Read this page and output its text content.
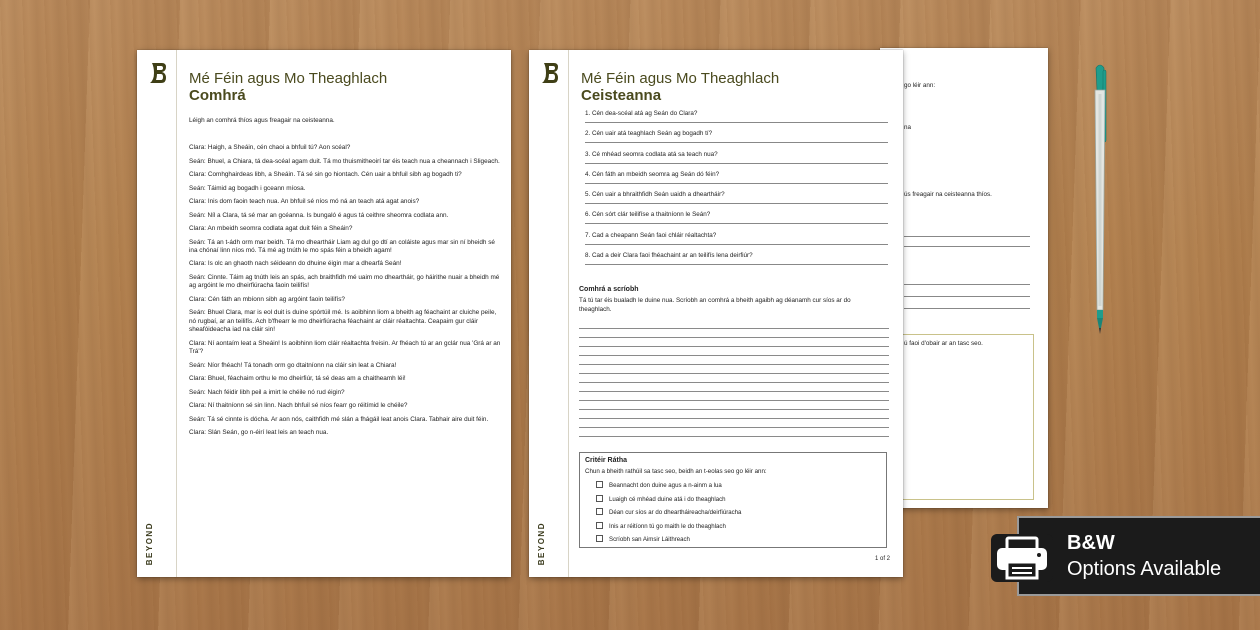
go léir ann:
na
ús freagair na ceisteanna thíos.
ú faoi d'obair ar an tasc seo.
BEYOND
Mé Féin agus Mo Theaghlach
Comhrá
Léigh an comhrá thíos agus freagair na ceisteanna.
Clara: Haigh, a Sheáin, cén chaoi a bhfuil tú? Aon scéal?
Seán: Bhuel, a Chiara, tá dea-scéal agam duit. Tá mo thuismitheoirí tar éis teach nua a cheannach i Sligeach.
Clara: Comhghairdeas libh, a Sheáin. Tá sé sin go hiontach. Cén uair a bhfuil sibh ag bogadh ti?
Seán: Táimid ag bogadh i gceann míosa.
Clara: Inis dom faoin teach nua. An bhfuil sé níos mó ná an teach atá agat anois?
Seán: Níl a Clara, tá sé mar an gcéanna. Is bungaló é agus tá ceithre sheomra codlata ann.
Clara: An mbeidh seomra codlata agat duit féin a Sheáin?
Seán: Tá an t-ádh orm mar beidh. Tá mo dheartháir Liam ag dul go dtí an coláiste agus mar sin ní bheidh sé ina chónaí linn níos mó. Tá mé ag tnúth le mo spás féin a bheidh agam!
Clara: Is olc an ghaoth nach séideann do dhuine éigin mar a dhearfá Seán!
Seán: Cinnte. Táim ag tnúth leis an spás, ach braithfidh mé uaim mo dheartháir, go háirithe nuair a bheidh mé ag argóint le mo dheirfiúracha faoin teilifís!
Clara: Cén fáth an mbíonn sibh ag argóint faoin teilifís?
Seán: Bhuel Clara, mar is eol duit is duine spórtúil mé. Is aoibhinn liom a bheith ag féachaint ar cluiche peile, nó rugbaí, ar an teilifís. Ach b'fhearr le mo dheirfiúracha féachaint ar cláir réaltachta. Ceapaim gur cláir sheafóideacha iad na cláir sin!
Clara: Ní aontaím leat a Sheáin! Is aoibhinn liom cláir réaltachta freisin. Ar fhéach tú ar an gclár nua 'Grá ar an Trá'?
Seán: Níor fhéach! Tá tonadh orm go dtaitníonn na cláir sin leat a Chiara!
Clara: Bhuel, féachaim orthu le mo dheirfiúr, tá sé deas am a chaitheamh léi!
Seán: Nach féidir libh peil a imirt le chéile nó rud éigin?
Clara: Ní thaitníonn sé sin linn. Nach bhfuil sé níos fearr go réitímid le chéile?
Seán: Tá sé cinnte is dócha. Ar aon nós, caithfidh mé slán a fhágáil leat anois Clara. Tabhair aire duit féin.
Clara: Slán Seán, go n-éirí leat leis an teach nua.
BEYOND
Mé Féin agus Mo Theaghlach
Ceisteanna
1. Cén dea-scéal atá ag Seán do Clara?
2. Cén uair atá teaghlach Seán ag bogadh tí?
3. Cé mhéad seomra codlata atá sa teach nua?
4. Cén fáth an mbeidh seomra ag Seán dó féin?
5. Cén uair a bhraithfidh Seán uaidh a dheartháir?
6. Cén sórt clár teilifíse a thaitníonn le Seán?
7. Cad a cheapann Seán faoi chláir réaltachta?
8. Cad a deir Clara faoi fhéachaint ar an teilifís lena deirfiúr?
Comhrá a scríobh
Tá tú tar éis bualadh le duine nua. Scríobh an comhrá a bheith agaibh ag déanamh cur síos ar do theaghlach.
Critéir Rátha
Chun a bheith rathúil sa tasc seo, beidh an t-eolas seo go léir ann:
Beannacht don duine agus a n-ainm a lua
Luaigh cé mhéad duine atá i do theaghlach
Déan cur síos ar do dheartháireacha/deirfiúracha
Inis ar réitíonn tú go maith le do theaghlach
Scríobh san Aimsir Láithreach
1 of 2
B&W
Options Available
